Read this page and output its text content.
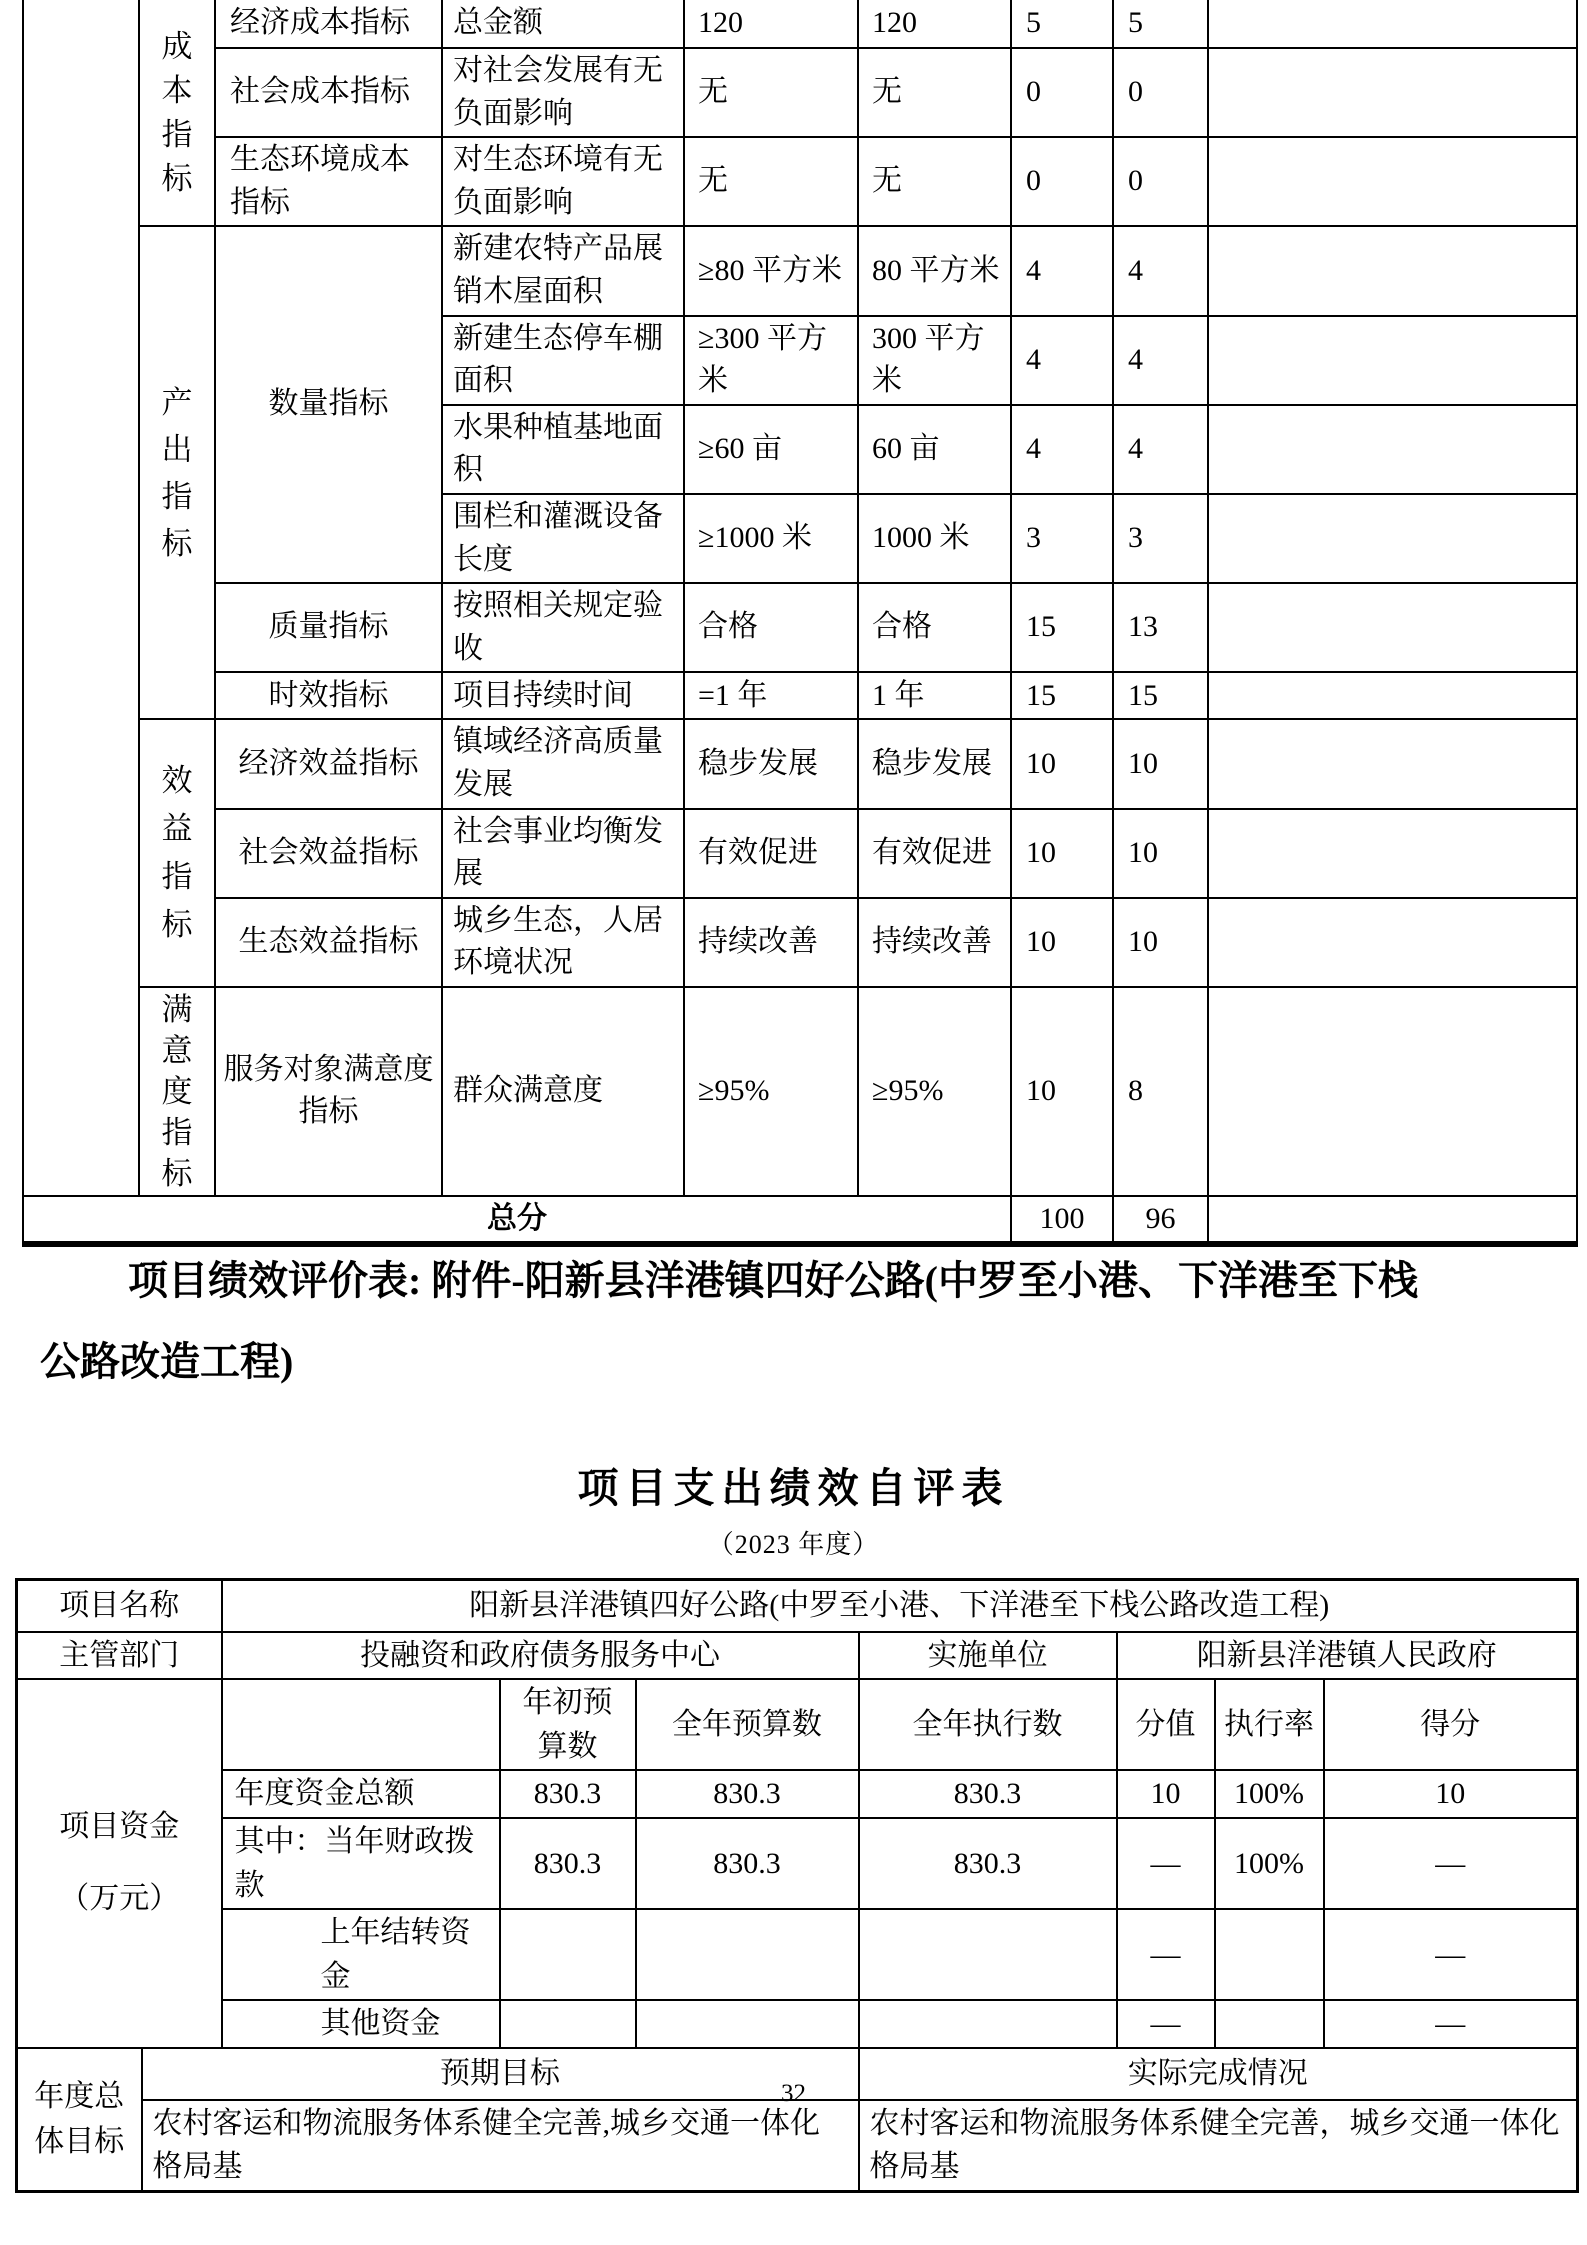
	成本指标	经济成本指标	总金额	120	120	5	5	
		社会成本指标	对社会发展有无负面影响	无	无	0	0	
		生态环境成本指标	对生态环境有无负面影响	无	无	0	0	

	产出指标	数量指标	新建农特产品展销木屋面积	≥80 平方米	80 平方米	4	4	
			新建生态停车棚面积	≥300 平方米	300 平方米	4	4	
			水果种植基地面积	≥60 亩	60 亩	4	4	
			围栏和灌溉设备长度	≥1000 米	1000 米	3	3	
		质量指标	按照相关规定验收	合格	合格	15	13	
		时效指标	项目持续时间	=1 年	1 年	15	15	

	效益指标	经济效益指标	镇域经济高质量发展	稳步发展	稳步发展	10	10	
		社会效益指标	社会事业均衡发展	有效促进	有效促进	10	10	
		生态效益指标	城乡生态，人居环境状况	持续改善	持续改善	10	10	

	满意度指标	服务对象满意度指标	群众满意度	≥95%	≥95%	10	8	
总分						100	96	
项目绩效评价表: 附件-阳新县洋港镇四好公路(中罗至小港、下洋港至下栈
公路改造工程)
项目支出绩效自评表
（2023 年度）
项目名称	阳新县洋港镇四好公路(中罗至小港、下洋港至下栈公路改造工程)						
主管部门	投融资和政府债务服务中心			实施单位	阳新县洋港镇人民政府		

项目资金（万元）		年初预算数	全年预算数	全年执行数	分值	执行率	得分
	年度资金总额	830.3	830.3	830.3	10	100%	10
	其中：当年财政拨款	830.3	830.3	830.3	—	100%	—
	上年结转资金				—		—
	其他资金				—		—
年度总体目标	预期目标	实际完成情况
	农村客运和物流服务体系健全完善,城乡交通一体化格局基	农村客运和物流服务体系健全完善，城乡交通一体化格局基
32
